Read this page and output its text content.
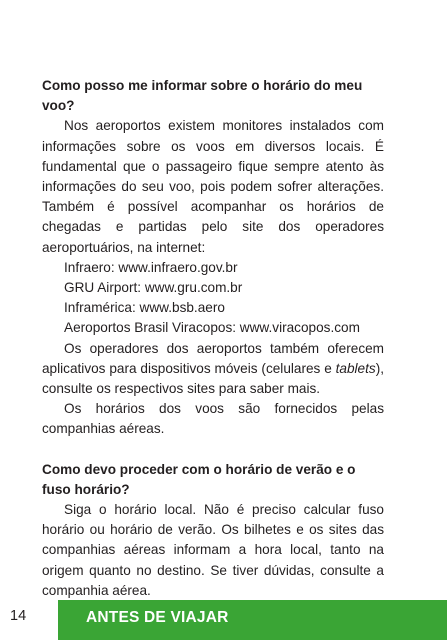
Como posso me informar sobre o horário do meu voo?

Nos aeroportos existem monitores instalados com informações sobre os voos em diversos locais. É fundamental que o passageiro fique sempre atento às informações do seu voo, pois podem sofrer alterações. Também é possível acompanhar os horários de chegadas e partidas pelo site dos operadores aeroportuários, na internet:

Infraero: www.infraero.gov.br

GRU Airport: www.gru.com.br

Inframérica: www.bsb.aero

Aeroportos Brasil Viracopos: www.viracopos.com

Os operadores dos aeroportos também oferecem aplicativos para dispositivos móveis (celulares e tablets), consulte os respectivos sites para saber mais.

Os horários dos voos são fornecidos pelas companhias aéreas.

Como devo proceder com o horário de verão e o fuso horário?

Siga o horário local. Não é preciso calcular fuso horário ou horário de verão. Os bilhetes e os sites das companhias aéreas informam a hora local, tanto na origem quanto no destino. Se tiver dúvidas, consulte a companhia aérea.

14	ANTES DE VIAJAR
